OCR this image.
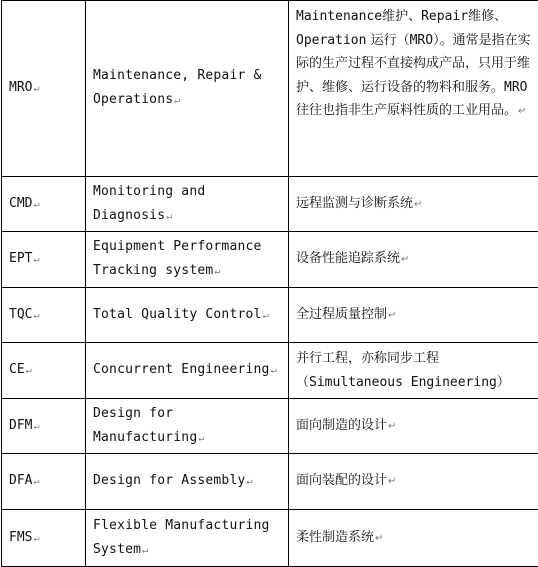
MRO↵	Maintenance, Repair & Operations↵	Maintenance维护、Repair维修、Operation 运行（MRO）。通常是指在实际的生产过程不直接构成产品，只用于维护、维修、运行设备的物料和服务。MRO 往往也指非生产原料性质的工业用品。↵
CMD↵	Monitoring and Diagnosis↵	远程监测与诊断系统↵
EPT↵	Equipment Performance Tracking system↵	设备性能追踪系统↵
TQC↵	Total Quality Control↵	全过程质量控制↵
CE↵	Concurrent Engineering↵	并行工程，亦称同步工程（Simultaneous Engineering）
DFM↵	Design for Manufacturing↵	面向制造的设计↵
DFA↵	Design for Assembly↵	面向装配的设计↵
FMS↵	Flexible Manufacturing System↵	柔性制造系统↵
